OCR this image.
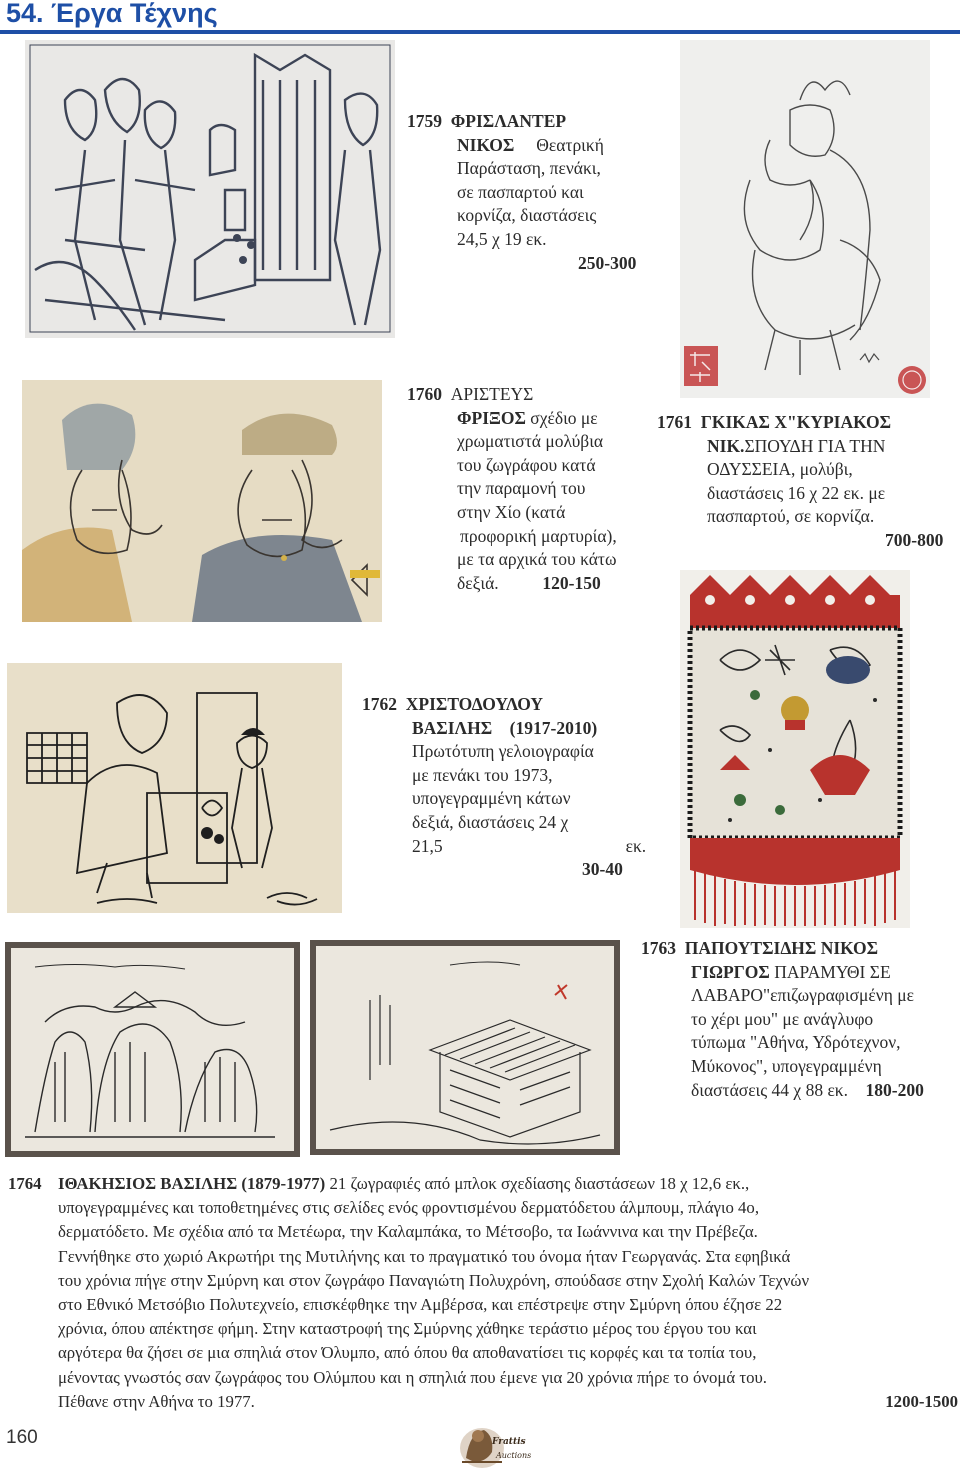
54. Έργα Τέχνης
1759 ΦΡΙΣΛΑΝΤΕΡ
ΝΙΚΟΣ Θεατρική
Παράσταση, πενάκι,
σε πασπαρτού και
κορνίζα, διαστάσεις
24,5 χ 19 εκ.
250-300
1760 ΑΡΙΣΤΕΥΣ
ΦΡΙΞΟΣ σχέδιο με
χρωματιστά μολύβια
του ζωγράφου κατά
την παραμονή του
στην Χίο (κατά
προφορική μαρτυρία),
με τα αρχικά του κάτω
δεξιά.	120-150
1761 ΓΚΙΚΑΣ Χ"ΚΥΡΙΑΚΟΣ
ΝΙΚ.ΣΠΟΥΔΗ ΓΙΑ ΤΗΝ
ΟΔΥΣΣΕΙΑ, μολύβι,
διαστάσεις 16 χ 22 εκ. με
πασπαρτού, σε κορνίζα.
700-800
1762 ΧΡΙΣΤΟΔΟΥΛΟΥ
ΒΑΣΙΛΗΣ (1917-2010)
Πρωτότυπη γελοιογραφία
με πενάκι του 1973,
υπογεγραμμένη κάτων
δεξιά, διαστάσεις 24 χ
21,5	εκ.
30-40
1763 ΠΑΠΟΥΤΣΙΔΗΣ ΝΙΚΟΣ
ΓΙΩΡΓΟΣ ΠΑΡΑΜΥΘΙ ΣΕ
ΛΑΒΑΡΟ"επιζωγραφισμένη με
το χέρι μου" με ανάγλυφο
τύπωμα "Αθήνα, Υδρότεχνον,
Μύκονος", υπογεγραμμένη
διαστάσεις 44 χ 88 εκ. 180-200
1764 ΙΘΑΚΗΣΙΟΣ ΒΑΣΙΛΗΣ (1879-1977) 21 ζωγραφιές από μπλοκ σχεδίασης διαστάσεων 18 χ 12,6 εκ.,
υπογεγραμμένες και τοποθετημένες στις σελίδες ενός φροντισμένου δερματόδετου άλμπουμ, πλάγιο 4ο,
δερματόδετο. Με σχέδια από τα Μετέωρα, την Καλαμπάκα, το Μέτσοβο, τα Ιωάννινα και την Πρέβεζα.
Γεννήθηκε στο χωριό Ακρωτήρι της Μυτιλήνης και το πραγματικό του όνομα ήταν Γεωργανάς. Στα εφηβικά
του χρόνια πήγε στην Σμύρνη και στον ζωγράφο Παναγιώτη Πολυχρόνη, σπούδασε στην Σχολή Καλών Τεχνών
στο Εθνικό Μετσόβιο Πολυτεχνείο, επισκέφθηκε την Αμβέρσα, και επέστρεψε στην Σμύρνη όπου έζησε 22
χρόνια, όπου απέκτησε φήμη. Στην καταστροφή της Σμύρνης χάθηκε τεράστιο μέρος του έργου του και
αργότερα θα ζήσει σε μια σπηλιά στον Όλυμπο, από όπου θα αποθανατίσει τις κορφές και τα τοπία του,
μένοντας γνωστός σαν ζωγράφος του Ολύμπου και η σπηλιά που έμενε για 20 χρόνια πήρε το όνομά του.
Πέθανε στην Αθήνα το 1977.	1200-1500
160	Frattis
Auctions
